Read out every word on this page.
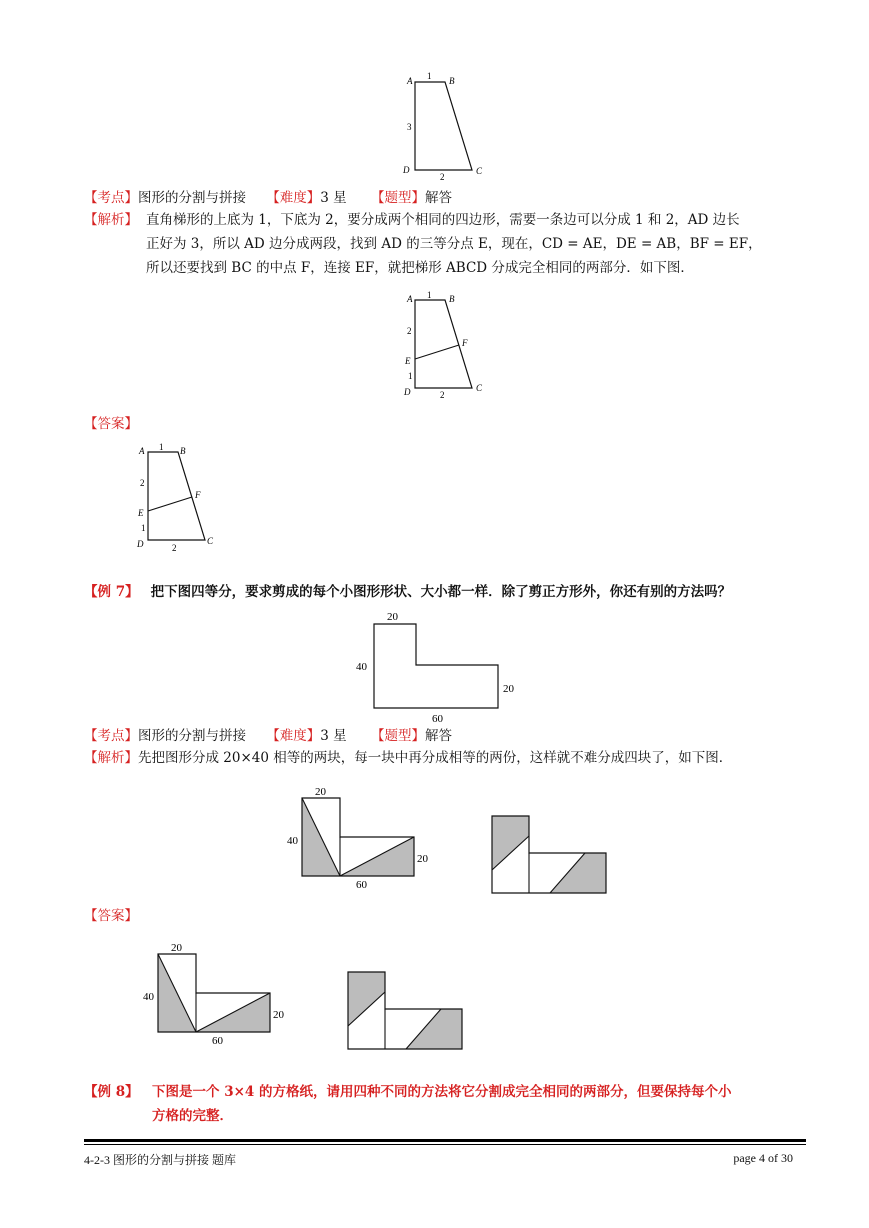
A	B
C
D
1
3
2
【考点】图形的分割与拼接 【难度】3 星 【题型】解答
【解析】 直角梯形的上底为 1，下底为 2，要分成两个相同的四边形，需要一条边可以分成 1 和 2，AD 边长
正好为 3，所以 AD 边分成两段，找到 AD 的三等分点 E，现在，CD = AE，DE = AB，BF = EF，
所以还要找到 BC 的中点 F，连接 EF，就把梯形 ABCD 分成完全相同的两部分．如下图．
A	B
C
D
E
F
1
2
1
2
【答案】
A	B
C
D
E
F
1
2
1
2
【例 7】 把下图四等分，要求剪成的每个小图形形状、大小都一样．除了剪正方形外，你还有别的方法吗？
20
40
20
60
【考点】图形的分割与拼接 【难度】3 星 【题型】解答
【解析】先把图形分成 20×40 相等的两块，每一块中再分成相等的两份，这样就不难分成四块了，如下图．
20
40
20
60
【答案】
20
40
20
60
【例 8】 下图是一个 3×4 的方格纸，请用四种不同的方法将它分割成完全相同的两部分，但要保持每个小
方格的完整．
4-2-3 图形的分割与拼接 题库	page 4 of 30
